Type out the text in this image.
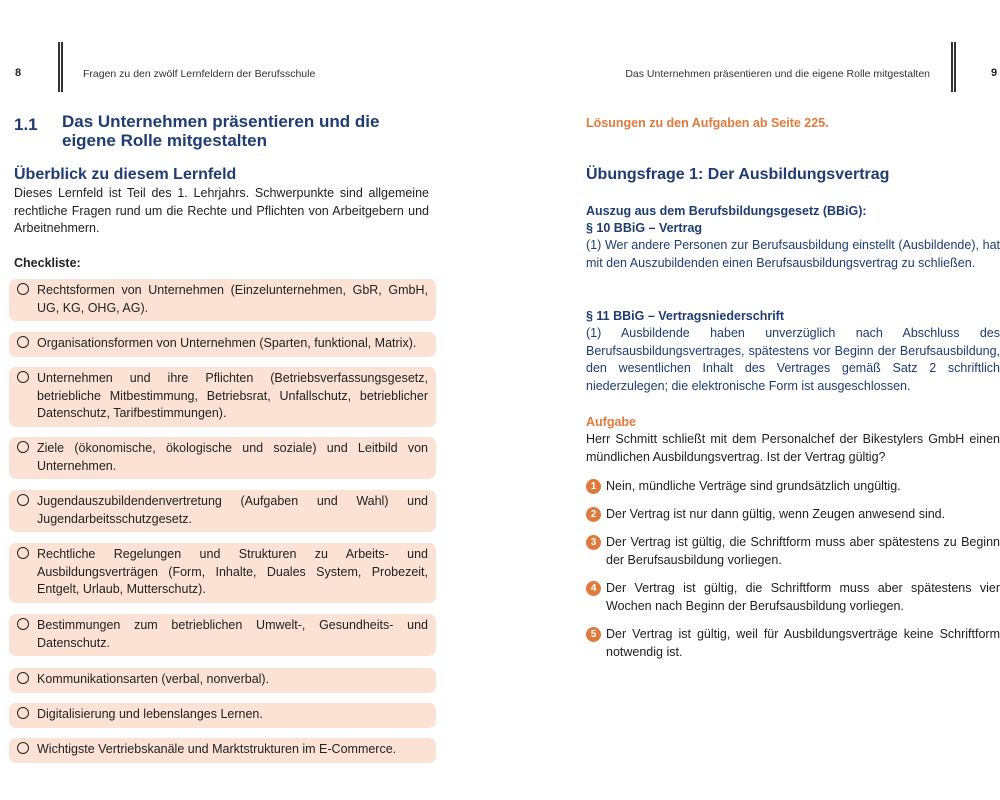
8	Fragen zu den zwölf Lernfeldern der Berufsschule
1.1 Das Unternehmen präsentieren und die eigene Rolle mitgestalten
Überblick zu diesem Lernfeld
Dieses Lernfeld ist Teil des 1. Lehrjahrs. Schwerpunkte sind allgemeine rechtliche Fragen rund um die Rechte und Pflichten von Arbeitgebern und Arbeitnehmern.
Checkliste:
Rechtsformen von Unternehmen (Einzelunternehmen, GbR, GmbH, UG, KG, OHG, AG).
Organisationsformen von Unternehmen (Sparten, funktional, Matrix).
Unternehmen und ihre Pflichten (Betriebsverfassungsgesetz, betriebliche Mitbestimmung, Betriebsrat, Unfallschutz, betrieblicher Datenschutz, Tarifbestimmungen).
Ziele (ökonomische, ökologische und soziale) und Leitbild von Unternehmen.
Jugendauszubildendenvertretung (Aufgaben und Wahl) und Jugendarbeitsschutzgesetz.
Rechtliche Regelungen und Strukturen zu Arbeits- und Ausbildungsverträgen (Form, Inhalte, Duales System, Probezeit, Entgelt, Urlaub, Mutterschutz).
Bestimmungen zum betrieblichen Umwelt-, Gesundheits- und Datenschutz.
Kommunikationsarten (verbal, nonverbal).
Digitalisierung und lebenslanges Lernen.
Wichtigste Vertriebskanäle und Marktstrukturen im E-Commerce.
Das Unternehmen präsentieren und die eigene Rolle mitgestalten	9
Lösungen zu den Aufgaben ab Seite 225.
Übungsfrage 1: Der Ausbildungsvertrag
Auszug aus dem Berufsbildungsgesetz (BBiG):
§ 10 BBiG – Vertrag
(1) Wer andere Personen zur Berufsausbildung einstellt (Ausbildende), hat mit den Auszubildenden einen Berufsausbildungsvertrag zu schließen.
§ 11 BBiG – Vertragsniederschrift
(1) Ausbildende haben unverzüglich nach Abschluss des Berufsausbildungsvertrages, spätestens vor Beginn der Berufsausbildung, den wesentlichen Inhalt des Vertrages gemäß Satz 2 schriftlich niederzulegen; die elektronische Form ist ausgeschlossen.
Aufgabe
Herr Schmitt schließt mit dem Personalchef der Bikestylers GmbH einen mündlichen Ausbildungsvertrag. Ist der Vertrag gültig?
1 Nein, mündliche Verträge sind grundsätzlich ungültig.
2 Der Vertrag ist nur dann gültig, wenn Zeugen anwesend sind.
3 Der Vertrag ist gültig, die Schriftform muss aber spätestens zu Beginn der Berufsausbildung vorliegen.
4 Der Vertrag ist gültig, die Schriftform muss aber spätestens vier Wochen nach Beginn der Berufsausbildung vorliegen.
5 Der Vertrag ist gültig, weil für Ausbildungsverträge keine Schriftform notwendig ist.
